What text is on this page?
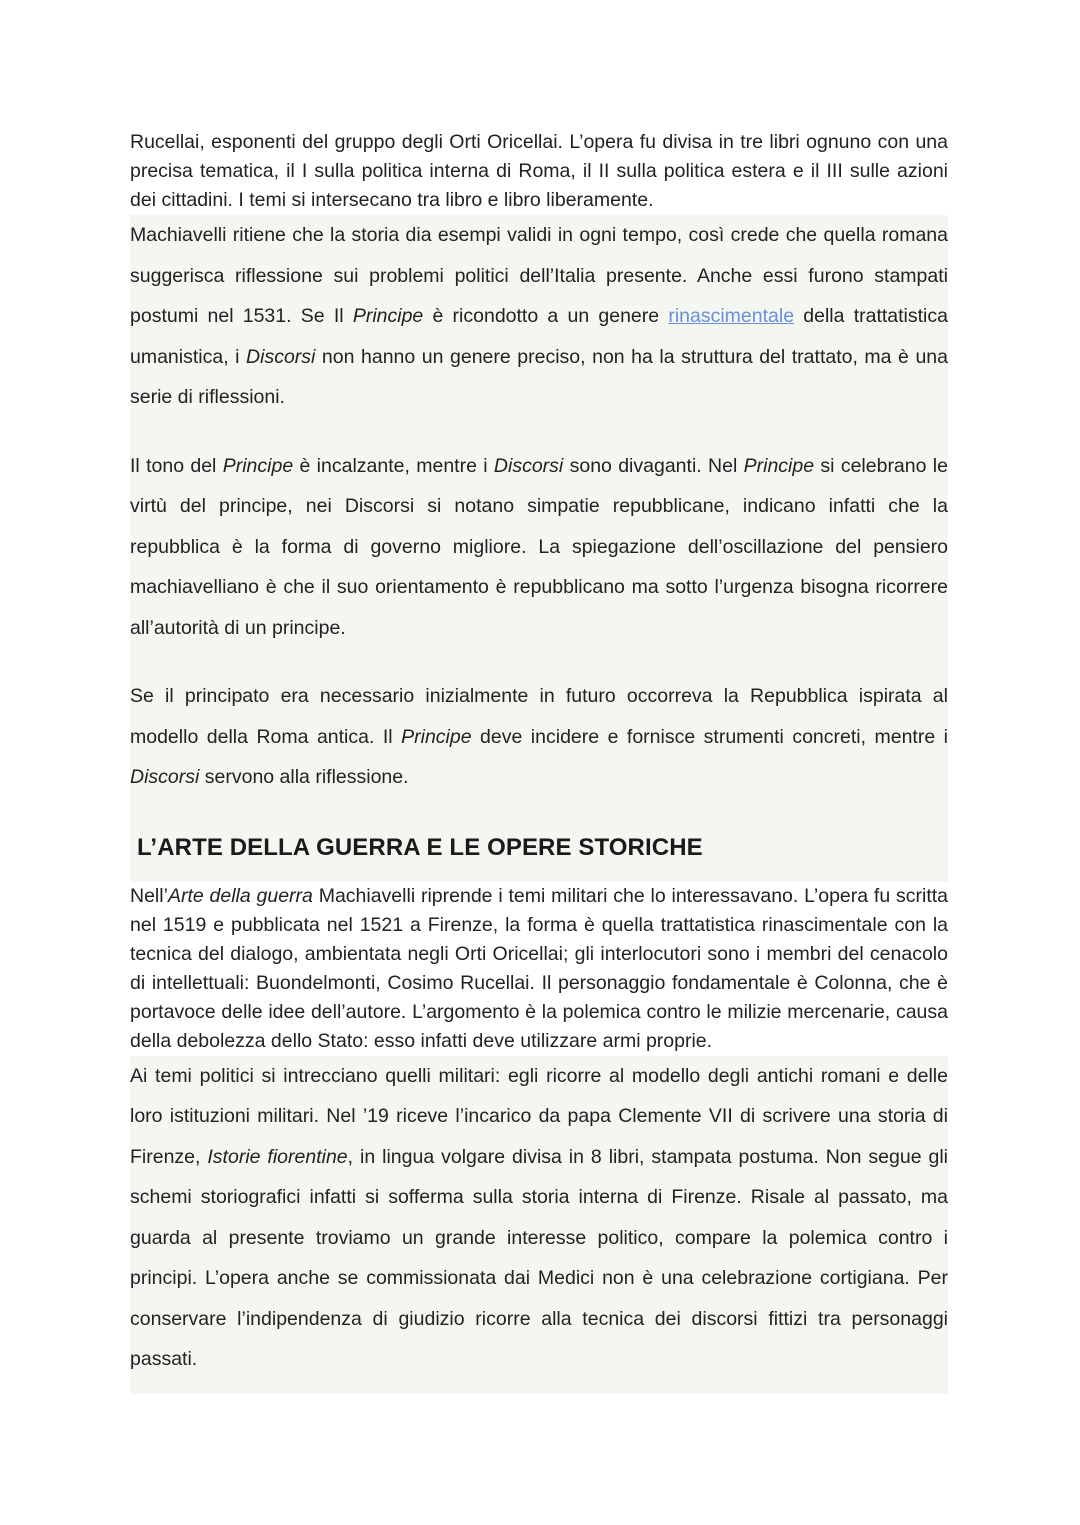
Rucellai, esponenti del gruppo degli Orti Oricellai. L’opera fu divisa in tre libri ognuno con una precisa tematica, il I sulla politica interna di Roma, il II sulla politica estera e il III sulle azioni dei cittadini. I temi si intersecano tra libro e libro liberamente.

Machiavelli ritiene che la storia dia esempi validi in ogni tempo, così crede che quella romana suggerisca riflessione sui problemi politici dell’Italia presente. Anche essi furono stampati postumi nel 1531. Se Il Principe è ricondotto a un genere rinascimentale della trattatistica umanistica, i Discorsi non hanno un genere preciso, non ha la struttura del trattato, ma è una serie di riflessioni.

Il tono del Principe è incalzante, mentre i Discorsi sono divaganti. Nel Principe si celebrano le virtù del principe, nei Discorsi si notano simpatie repubblicane, indicano infatti che la repubblica è la forma di governo migliore. La spiegazione dell’oscillazione del pensiero machiavelliano è che il suo orientamento è repubblicano ma sotto l’urgenza bisogna ricorrere all’autorità di un principe.

Se il principato era necessario inizialmente in futuro occorreva la Repubblica ispirata al modello della Roma antica. Il Principe deve incidere e fornisce strumenti concreti, mentre i Discorsi servono alla riflessione.

L’ARTE DELLA GUERRA E LE OPERE STORICHE

Nell’Arte della guerra Machiavelli riprende i temi militari che lo interessavano. L’opera fu scritta nel 1519 e pubblicata nel 1521 a Firenze, la forma è quella trattatistica rinascimentale con la tecnica del dialogo, ambientata negli Orti Oricellai; gli interlocutori sono i membri del cenacolo di intellettuali: Buondelmonti, Cosimo Rucellai. Il personaggio fondamentale è Colonna, che è portavoce delle idee dell’autore. L’argomento è la polemica contro le milizie mercenarie, causa della debolezza dello Stato: esso infatti deve utilizzare armi proprie.

Ai temi politici si intrecciano quelli militari: egli ricorre al modello degli antichi romani e delle loro istituzioni militari. Nel ’19 riceve l’incarico da papa Clemente VII di scrivere una storia di Firenze, Istorie fiorentine, in lingua volgare divisa in 8 libri, stampata postuma. Non segue gli schemi storiografici infatti si sofferma sulla storia interna di Firenze. Risale al passato, ma guarda al presente troviamo un grande interesse politico, compare la polemica contro i principi. L’opera anche se commissionata dai Medici non è una celebrazione cortigiana. Per conservare l’indipendenza di giudizio ricorre alla tecnica dei discorsi fittizi tra personaggi passati.
